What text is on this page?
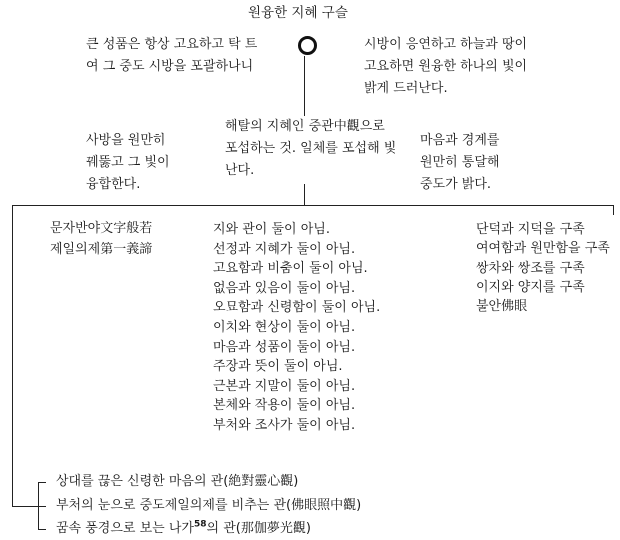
원융한 지혜 구슬

큰 성품은 항상 고요하고 탁 트여 그 중도 시방을 포괄하나니

시방이 응연하고 하늘과 땅이 고요하면 원융한 하나의 빛이 밝게 드러난다.

사방을 원만히 꿰뚫고 그 빛이 융합한다.

해탈의 지혜인 중관中觀으로 포섭하는 것. 일체를 포섭해 빛난다.

마음과 경계를 원만히 통달해 중도가 밝다.

문자반야文字般若
제일의제第一義諦
지와 관이 둘이 아님.
선정과 지혜가 둘이 아님.
고요함과 비춤이 둘이 아님.
없음과 있음이 둘이 아님.
오묘함과 신령함이 둘이 아님.
이치와 현상이 둘이 아님.
마음과 성품이 둘이 아님.
주장과 뜻이 둘이 아님.
근본과 지말이 둘이 아님.
본체와 작용이 둘이 아님.
부처와 조사가 둘이 아님.
단덕과 지덕을 구족
여여함과 원만함을 구족
쌍차와 쌍조를 구족
이지와 양지를 구족
불안佛眼

상대를 끊은 신령한 마음의 관(絶對靈心觀)

부처의 눈으로 중도제일의제를 비추는 관(佛眼照中觀)

꿈속 풍경으로 보는 나가$^{58}$의 관(那伽夢光觀)
